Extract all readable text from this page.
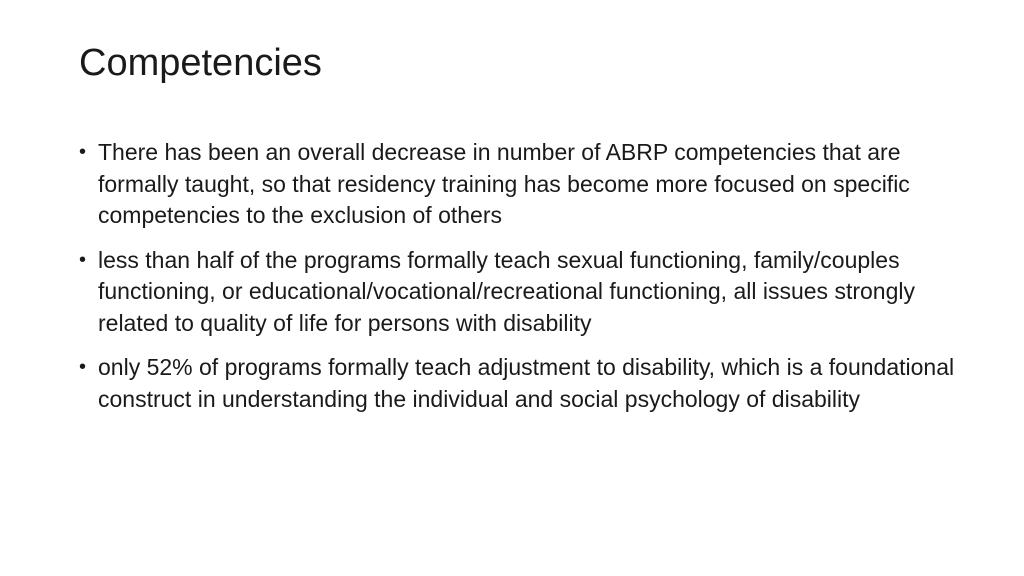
Competencies
• There has been an overall decrease in number of ABRP competencies that are formally taught, so that residency training has become more focused on specific competencies to the exclusion of others
• less than half of the programs formally teach sexual functioning, family/couples functioning, or educational/vocational/recreational functioning, all issues strongly related to quality of life for persons with disability
• only 52% of programs formally teach adjustment to disability, which is a foundational construct in understanding the individual and social psychology of disability
